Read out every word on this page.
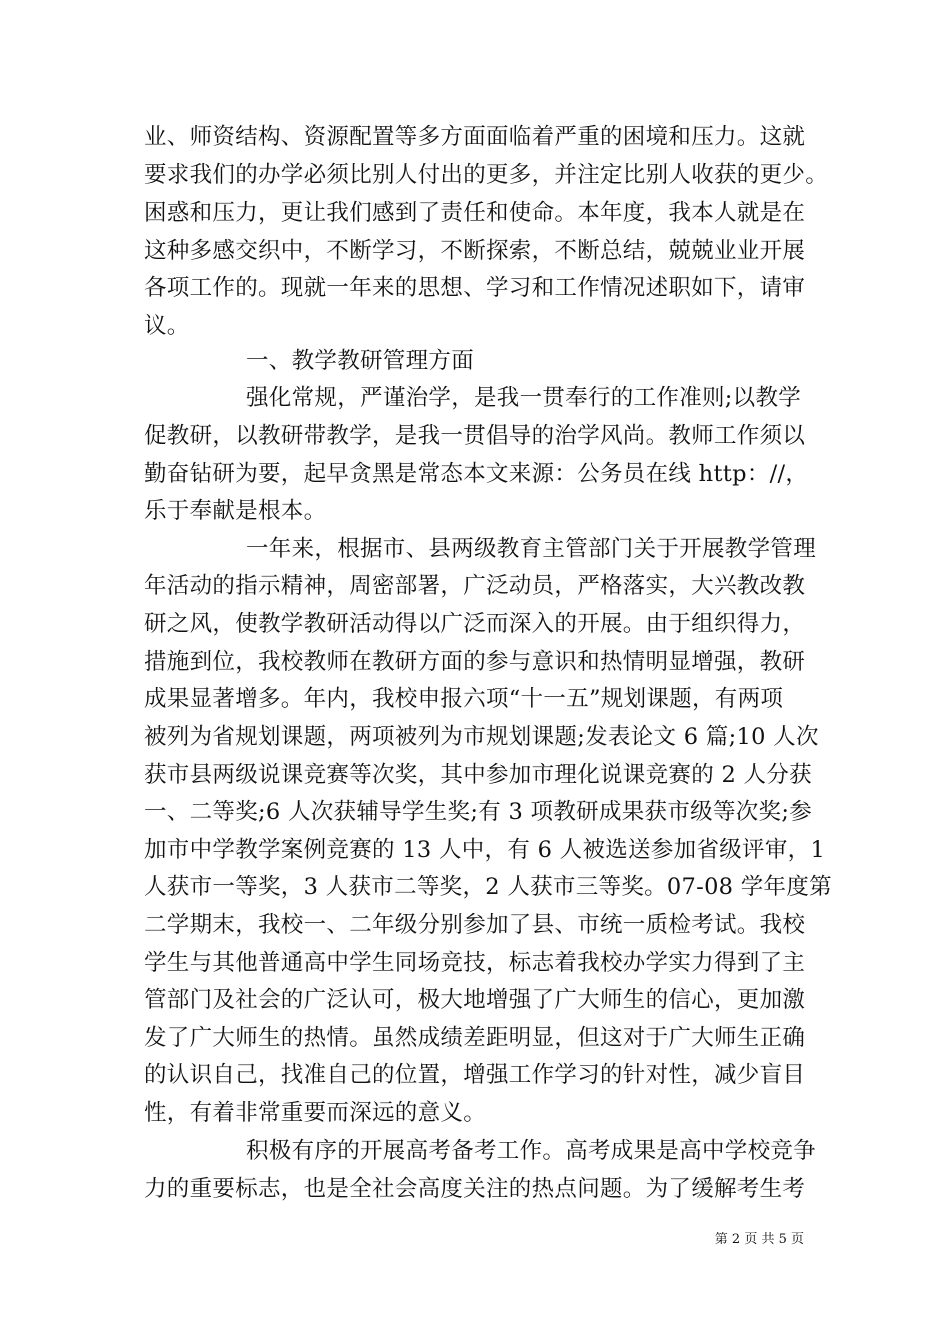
业、师资结构、资源配置等多方面面临着严重的困境和压力。这就
要求我们的办学必须比别人付出的更多，并注定比别人收获的更少。
困惑和压力，更让我们感到了责任和使命。本年度，我本人就是在
这种多感交织中，不断学习，不断探索，不断总结，兢兢业业开展
各项工作的。现就一年来的思想、学习和工作情况述职如下，请审
议。
一、教学教研管理方面
强化常规，严谨治学，是我一贯奉行的工作准则;以教学
促教研，以教研带教学，是我一贯倡导的治学风尚。教师工作须以
勤奋钻研为要，起早贪黑是常态本文来源：公务员在线 http：//，
乐于奉献是根本。
一年来，根据市、县两级教育主管部门关于开展教学管理
年活动的指示精神，周密部署，广泛动员，严格落实，大兴教改教
研之风，使教学教研活动得以广泛而深入的开展。由于组织得力，
措施到位，我校教师在教研方面的参与意识和热情明显增强，教研
成果显著增多。年内，我校申报六项“十一五”规划课题，有两项
被列为省规划课题，两项被列为市规划课题;发表论文 6 篇;10 人次
获市县两级说课竞赛等次奖，其中参加市理化说课竞赛的 2 人分获
一、二等奖;6 人次获辅导学生奖;有 3 项教研成果获市级等次奖;参
加市中学教学案例竞赛的 13 人中，有 6 人被选送参加省级评审，1
人获市一等奖，3 人获市二等奖，2 人获市三等奖。07-08 学年度第
二学期末，我校一、二年级分别参加了县、市统一质检考试。我校
学生与其他普通高中学生同场竞技，标志着我校办学实力得到了主
管部门及社会的广泛认可，极大地增强了广大师生的信心，更加激
发了广大师生的热情。虽然成绩差距明显，但这对于广大师生正确
的认识自己，找准自己的位置，增强工作学习的针对性，减少盲目
性，有着非常重要而深远的意义。
积极有序的开展高考备考工作。高考成果是高中学校竞争
力的重要标志，也是全社会高度关注的热点问题。为了缓解考生考
第 2 页 共 5 页
